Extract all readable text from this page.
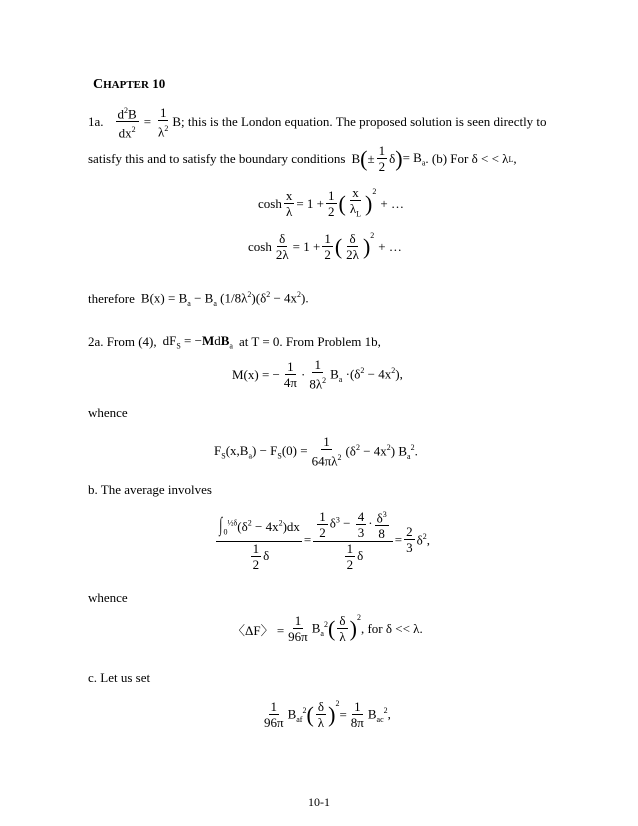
CHAPTER 10
1a. $\frac{d^2B}{dx^2} = \frac{1}{\lambda^2} B$; this is the London equation. The proposed solution is seen directly to
satisfy this and to satisfy the boundary conditions B ( ± $\frac{1}{2}$ δ ) = $B_a$ . (b) For δ < < λ L ,
$\cosh \frac{x}{\lambda} = 1 + \frac{1}{2}$ ( $\frac{x}{\lambda_L} )^2$
+ …
$\cosh \frac{\delta}{2\lambda} = 1 + \frac{1}{2}$ ( $\frac{\delta}{2\lambda} )^2$
+ …
therefore $B(x) = B_a - B_a$ $(1/8\lambda^2)(\delta^2 - 4x^2)$.
2a. From (4), $dF_S = -MdB_a$ at T = 0. From Problem 1b,
M(x) = − $\frac{1}{4\pi} \cdot \frac{1}{8\lambda^2} B_a \cdot(\delta^2 - 4x^2)$,
whence
$F_S(x,B_a) - F_S(0) = \frac{1}{64\pi\lambda^2} (\delta^2 - 4x^2)$ $B_a^2$.
b. The average involves
$\frac{\int_0^{\frac{1}{2}\delta}(\delta^2 - 4x^2)dx}{\frac{1}{2} \delta} = \frac{\frac{1}{2} \delta^3 - \frac{4}{3} \cdot \frac{\delta^3}{8}}{\frac{1}{2} \delta} = \frac{2}{3} \delta^2$,
whence
〈ΔF〉 = $\frac{1}{96\pi} B_a^2$ ( $\frac{\delta}{\lambda} )^2$
, for δ << λ.
c. Let us set
$\frac{1}{96\pi} B_{af}^2$ ( $\frac{\delta}{\lambda} )^2$
= $\frac{1}{8\pi} B_{ac}^2$,
10-1
